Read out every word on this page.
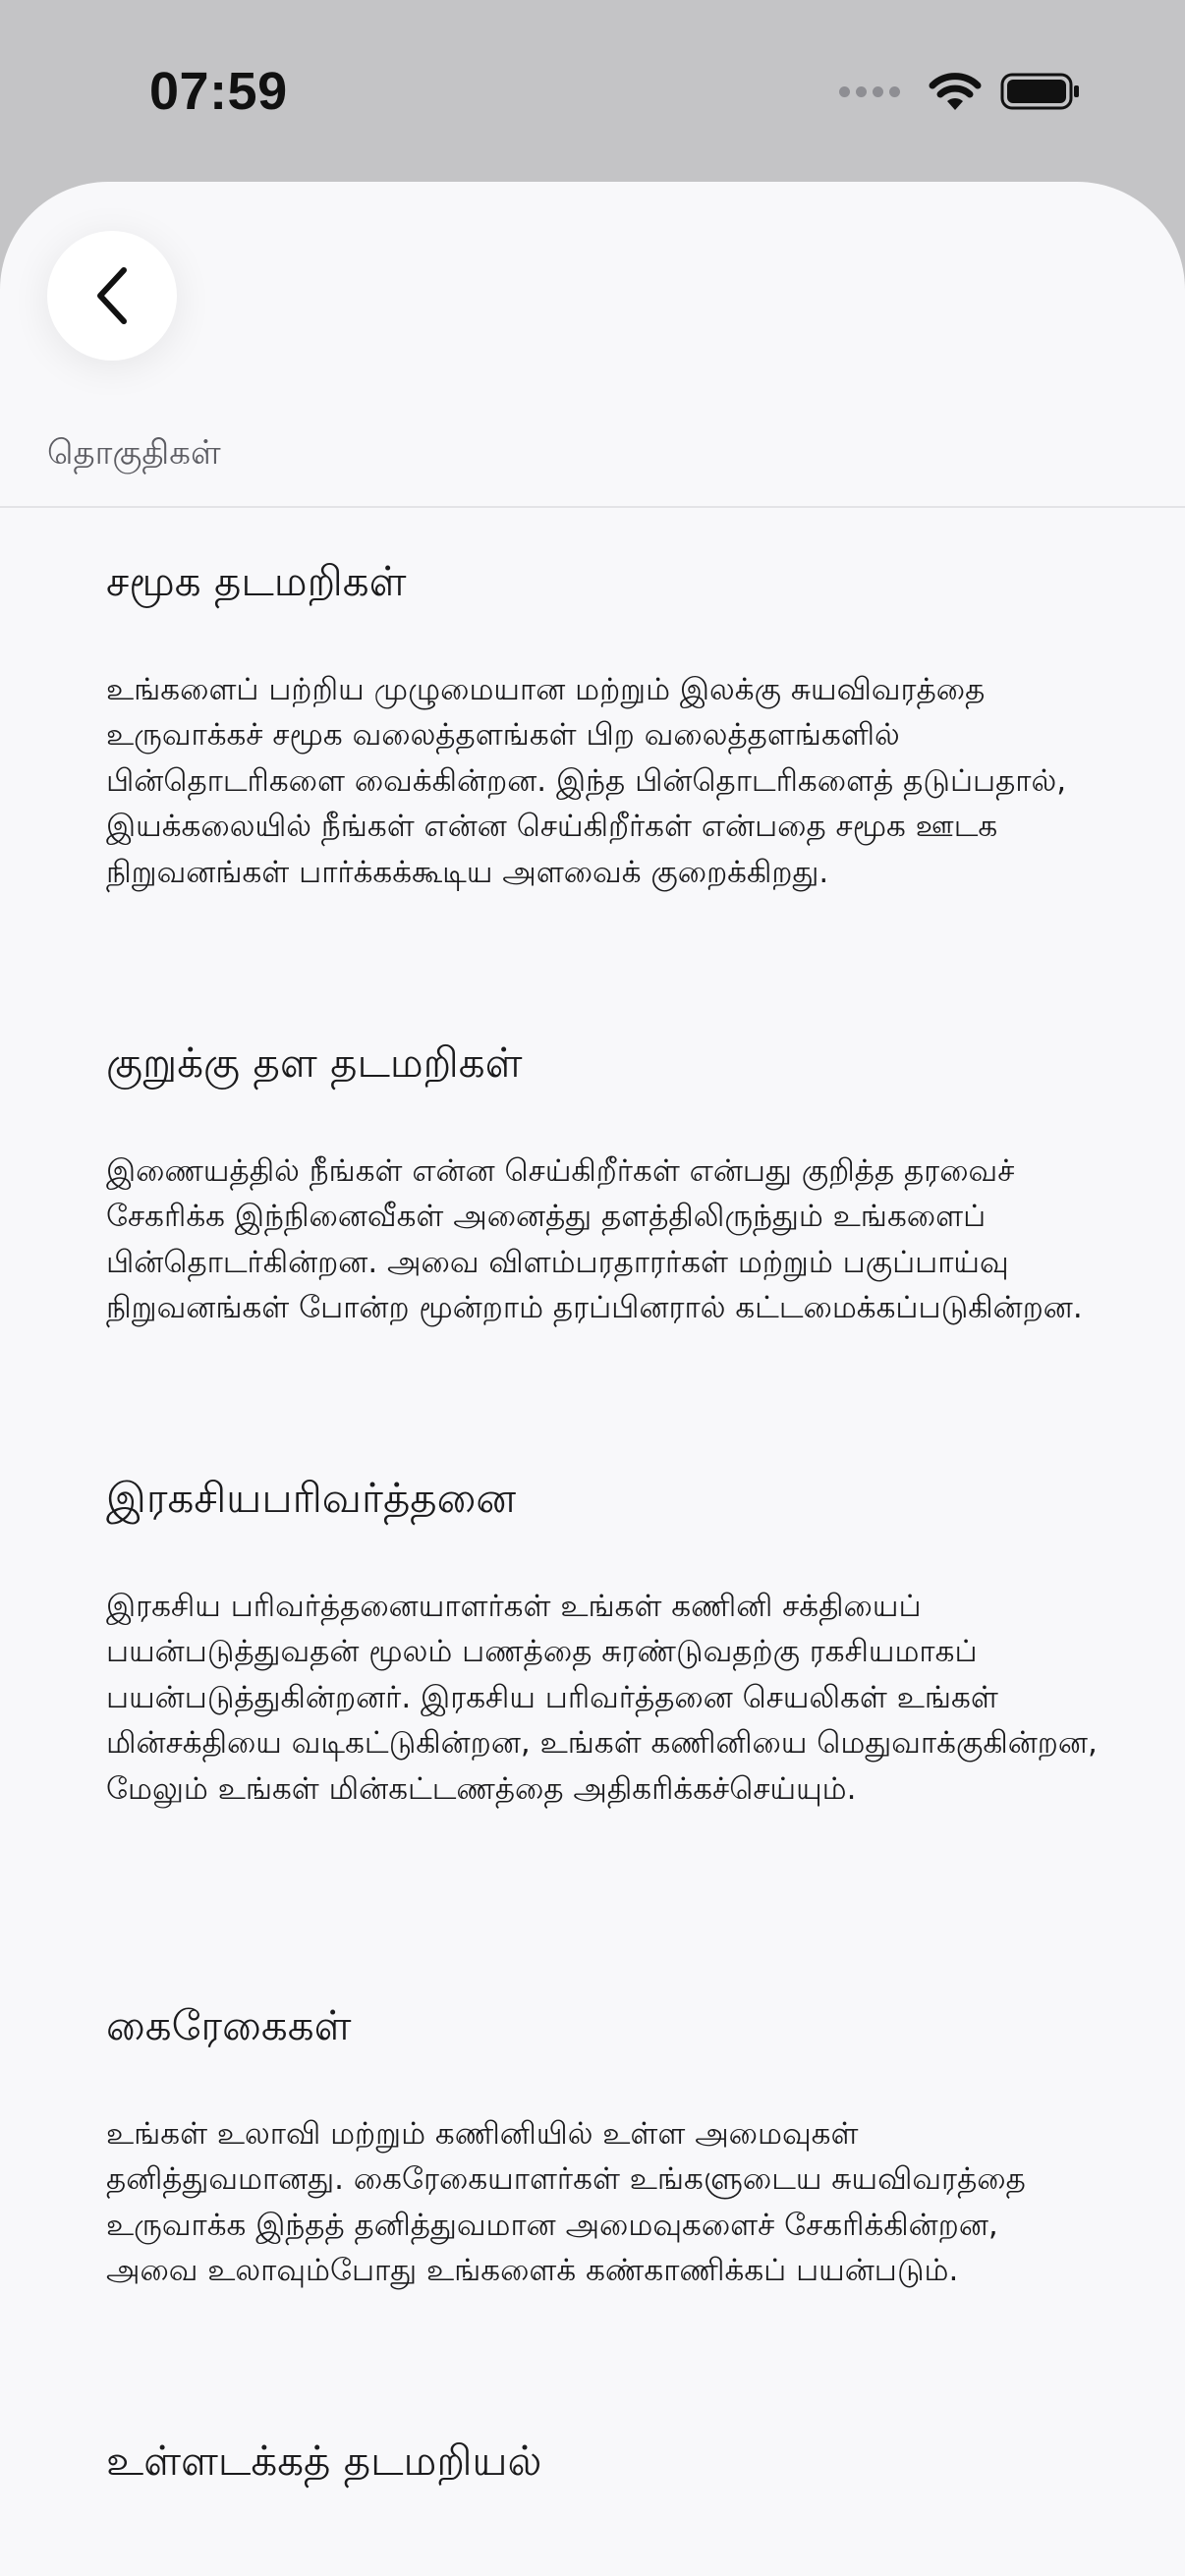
07:59
தொகுதிகள்
சமூக தடமறிகள்

உங்களைப் பற்றிய முழுமையான மற்றும் இலக்கு சுயவிவரத்தை உருவாக்கச் சமூக வலைத்தளங்கள் பிற வலைத்தளங்களில் பின்தொடரிகளை வைக்கின்றன. இந்த பின்தொடரிகளைத் தடுப்பதால், இயக்கலையில் நீங்கள் என்ன செய்கிறீர்கள் என்பதை சமூக ஊடக நிறுவனங்கள் பார்க்கக்கூடிய அளவைக் குறைக்கிறது.

குறுக்கு தள தடமறிகள்

இணையத்தில் நீங்கள் என்ன செய்கிறீர்கள் என்பது குறித்த தரவைச் சேகரிக்க இந்நினைவீகள் அனைத்து தளத்திலிருந்தும் உங்களைப் பின்தொடர்கின்றன. அவை விளம்பரதாரர்கள் மற்றும் பகுப்பாய்வு நிறுவனங்கள் போன்ற மூன்றாம் தரப்பினரால் கட்டமைக்கப்படுகின்றன.

இரகசியபரிவர்த்தனை

இரகசிய பரிவர்த்தனையாளர்கள் உங்கள் கணினி சக்தியைப் பயன்படுத்துவதன் மூலம் பணத்தை சுரண்டுவதற்கு ரகசியமாகப் பயன்படுத்துகின்றனர். இரகசிய பரிவர்த்தனை செயலிகள் உங்கள் மின்சக்தியை வடிகட்டுகின்றன, உங்கள் கணினியை மெதுவாக்குகின்றன, மேலும் உங்கள் மின்கட்டணத்தை அதிகரிக்கச்செய்யும்.

கைரேகைகள்

உங்கள் உலாவி மற்றும் கணினியில் உள்ள அமைவுகள் தனித்துவமானது. கைரேகையாளர்கள் உங்களுடைய சுயவிவரத்தை உருவாக்க இந்தத் தனித்துவமான அமைவுகளைச் சேகரிக்கின்றன, அவை உலாவும்போது உங்களைக் கண்காணிக்கப் பயன்படும்.

உள்ளடக்கத் தடமறியல்
